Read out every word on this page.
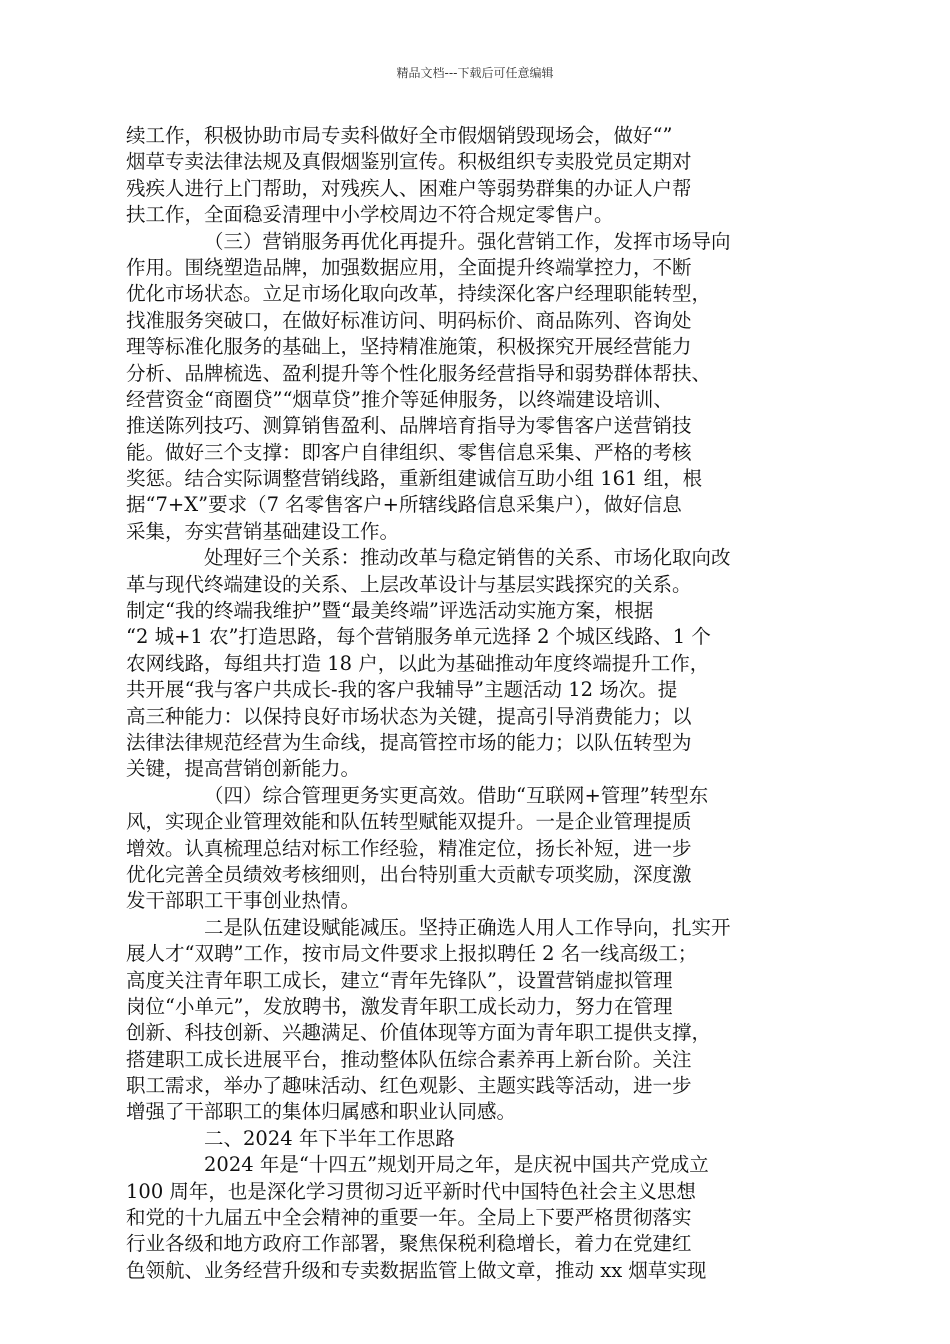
精品文档---下载后可任意编辑
续工作，积极协助市局专卖科做好全市假烟销毁现场会，做好“”
烟草专卖法律法规及真假烟鉴别宣传。积极组织专卖股党员定期对
残疾人进行上门帮助，对残疾人、困难户等弱势群集的办证人户帮
扶工作，全面稳妥清理中小学校周边不符合规定零售户。
（三）营销服务再优化再提升。强化营销工作，发挥市场导向
作用。围绕塑造品牌，加强数据应用，全面提升终端掌控力，不断
优化市场状态。立足市场化取向改革，持续深化客户经理职能转型，
找准服务突破口，在做好标准访问、明码标价、商品陈列、咨询处
理等标准化服务的基础上，坚持精准施策，积极探究开展经营能力
分析、品牌梳选、盈利提升等个性化服务经营指导和弱势群体帮扶、
经营资金“商圈贷”“烟草贷”推介等延伸服务，以终端建设培训、
推送陈列技巧、测算销售盈利、品牌培育指导为零售客户送营销技
能。做好三个支撑：即客户自律组织、零售信息采集、严格的考核
奖惩。结合实际调整营销线路，重新组建诚信互助小组 161 组，根
据“7+X”要求（7 名零售客户+所辖线路信息采集户），做好信息
采集，夯实营销基础建设工作。
处理好三个关系：推动改革与稳定销售的关系、市场化取向改
革与现代终端建设的关系、上层改革设计与基层实践探究的关系。
制定“我的终端我维护”暨“最美终端”评选活动实施方案，根据
“2 城+1 农”打造思路，每个营销服务单元选择 2 个城区线路、1 个
农网线路，每组共打造 18 户，以此为基础推动年度终端提升工作，
共开展“我与客户共成长-我的客户我辅导”主题活动 12 场次。提
高三种能力：以保持良好市场状态为关键，提高引导消费能力；以
法律法律规范经营为生命线，提高管控市场的能力；以队伍转型为
关键，提高营销创新能力。
（四）综合管理更务实更高效。借助“互联网+管理”转型东
风，实现企业管理效能和队伍转型赋能双提升。一是企业管理提质
增效。认真梳理总结对标工作经验，精准定位，扬长补短，进一步
优化完善全员绩效考核细则，出台特别重大贡献专项奖励，深度激
发干部职工干事创业热情。
二是队伍建设赋能减压。坚持正确选人用人工作导向，扎实开
展人才“双聘”工作，按市局文件要求上报拟聘任 2 名一线高级工；
高度关注青年职工成长，建立“青年先锋队”，设置营销虚拟管理
岗位“小单元”，发放聘书，激发青年职工成长动力，努力在管理
创新、科技创新、兴趣满足、价值体现等方面为青年职工提供支撑，
搭建职工成长进展平台，推动整体队伍综合素养再上新台阶。关注
职工需求，举办了趣味活动、红色观影、主题实践等活动，进一步
增强了干部职工的集体归属感和职业认同感。
二、2024 年下半年工作思路
2024 年是“十四五”规划开局之年，是庆祝中国共产党成立
100 周年，也是深化学习贯彻习近平新时代中国特色社会主义思想
和党的十九届五中全会精神的重要一年。全局上下要严格贯彻落实
行业各级和地方政府工作部署，聚焦保税利稳增长，着力在党建红
色领航、业务经营升级和专卖数据监管上做文章，推动 xx 烟草实现
